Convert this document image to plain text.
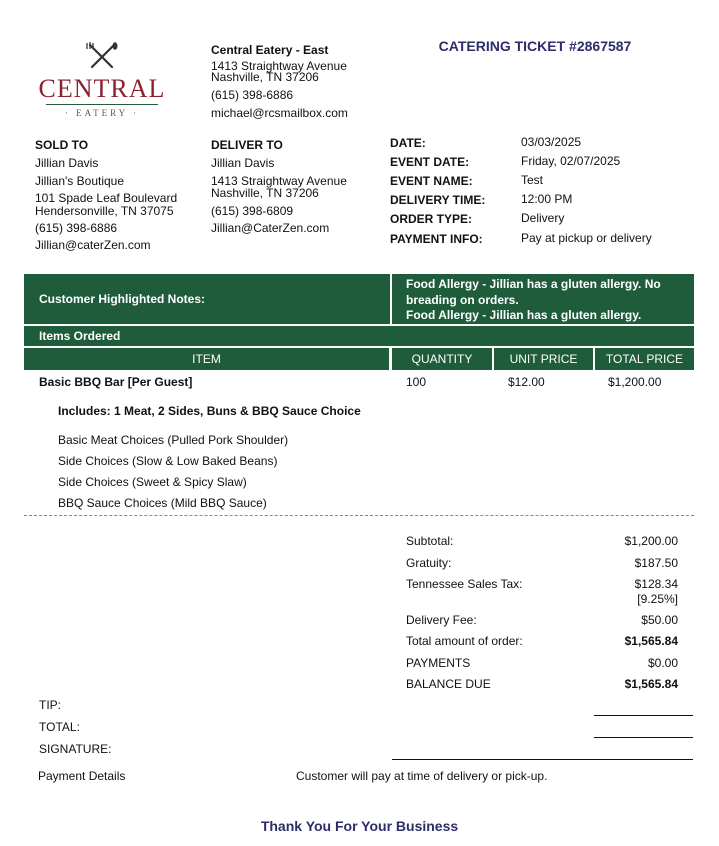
CENTRAL
· EATERY ·
Central Eatery - East
1413 Straightway Avenue
Nashville, TN 37206
(615) 398-6886
michael@rcsmailbox.com
CATERING TICKET #2867587
SOLD TO
Jillian Davis
Jillian's Boutique
101 Spade Leaf Boulevard
Hendersonville, TN 37075
(615) 398-6886
Jillian@caterZen.com
DELIVER TO
Jillian Davis
1413 Straightway Avenue
Nashville, TN 37206
(615) 398-6809
Jillian@CaterZen.com
DATE:	03/03/2025
EVENT DATE:	Friday, 02/07/2025
EVENT NAME:	Test
DELIVERY TIME:	12:00 PM
ORDER TYPE:	Delivery
PAYMENT INFO:	Pay at pickup or delivery
Customer Highlighted Notes:
Food Allergy - Jillian has a gluten allergy. No
breading on orders.
Food Allergy - Jillian has a gluten allergy.
Items Ordered
ITEM	QUANTITY	UNIT PRICE	TOTAL PRICE
Basic BBQ Bar [Per Guest]	100	$12.00	$1,200.00
Includes: 1 Meat, 2 Sides, Buns & BBQ Sauce Choice
Basic Meat Choices (Pulled Pork Shoulder)
Side Choices (Slow & Low Baked Beans)
Side Choices (Sweet & Spicy Slaw)
BBQ Sauce Choices (Mild BBQ Sauce)
Subtotal:	$1,200.00
Gratuity:	$187.50
Tennessee Sales Tax:	$128.34
[9.25%]
Delivery Fee:	$50.00
Total amount of order:	$1,565.84
PAYMENTS	$0.00
BALANCE DUE	$1,565.84
TIP:
TOTAL:
SIGNATURE:
Payment Details	Customer will pay at time of delivery or pick-up.
Thank You For Your Business
